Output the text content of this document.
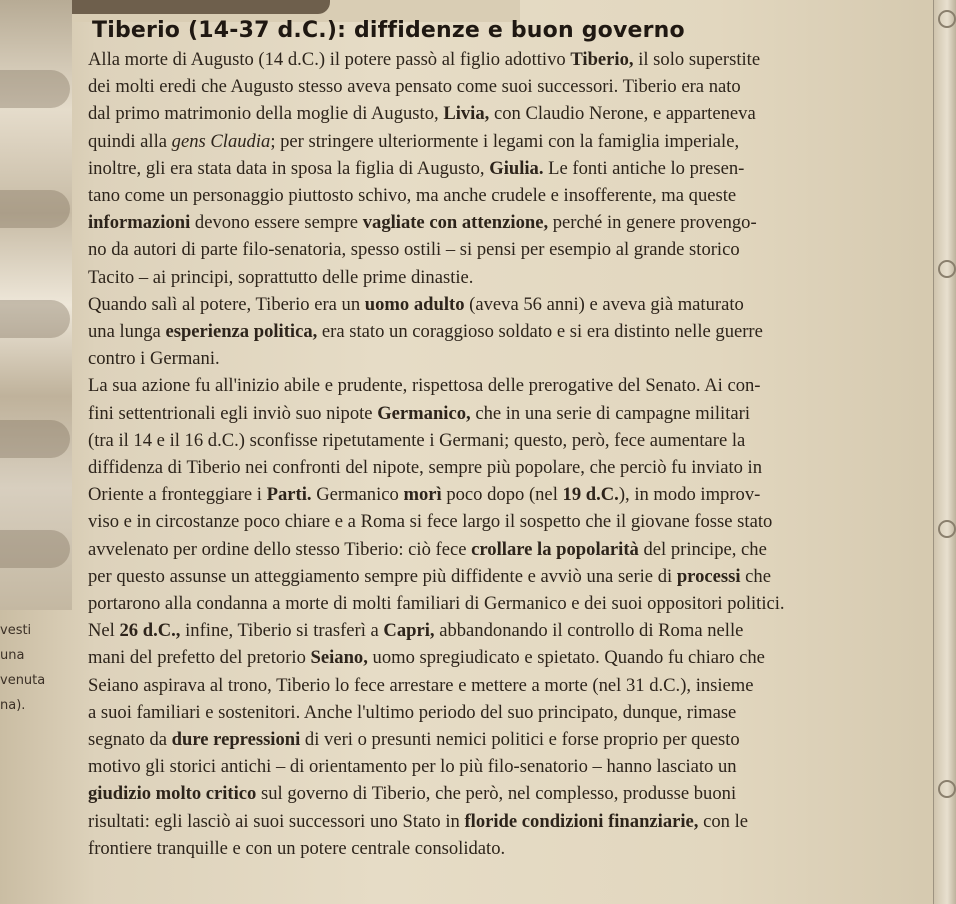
Tiberio (14-37 d.C.): diffidenze e buon governo
vesti
una
venuta
na).
Alla morte di Augusto (14 d.C.) il potere passò al figlio adottivo Tiberio, il solo superstite
dei molti eredi che Augusto stesso aveva pensato come suoi successori. Tiberio era nato
dal primo matrimonio della moglie di Augusto, Livia, con Claudio Nerone, e apparteneva
quindi alla gens Claudia; per stringere ulteriormente i legami con la famiglia imperiale,
inoltre, gli era stata data in sposa la figlia di Augusto, Giulia. Le fonti antiche lo presen-
tano come un personaggio piuttosto schivo, ma anche crudele e insofferente, ma queste
informazioni devono essere sempre vagliate con attenzione, perché in genere provengo-
no da autori di parte filo-senatoria, spesso ostili – si pensi per esempio al grande storico
Tacito – ai principi, soprattutto delle prime dinastie.
Quando salì al potere, Tiberio era un uomo adulto (aveva 56 anni) e aveva già maturato
una lunga esperienza politica, era stato un coraggioso soldato e si era distinto nelle guerre
contro i Germani.
La sua azione fu all'inizio abile e prudente, rispettosa delle prerogative del Senato. Ai con-
fini settentrionali egli inviò suo nipote Germanico, che in una serie di campagne militari
(tra il 14 e il 16 d.C.) sconfisse ripetutamente i Germani; questo, però, fece aumentare la
diffidenza di Tiberio nei confronti del nipote, sempre più popolare, che perciò fu inviato in
Oriente a fronteggiare i Parti. Germanico morì poco dopo (nel 19 d.C.), in modo improv-
viso e in circostanze poco chiare e a Roma si fece largo il sospetto che il giovane fosse stato
avvelenato per ordine dello stesso Tiberio: ciò fece crollare la popolarità del principe, che
per questo assunse un atteggiamento sempre più diffidente e avviò una serie di processi che
portarono alla condanna a morte di molti familiari di Germanico e dei suoi oppositori politici.
Nel 26 d.C., infine, Tiberio si trasferì a Capri, abbandonando il controllo di Roma nelle
mani del prefetto del pretorio Seiano, uomo spregiudicato e spietato. Quando fu chiaro che
Seiano aspirava al trono, Tiberio lo fece arrestare e mettere a morte (nel 31 d.C.), insieme
a suoi familiari e sostenitori. Anche l'ultimo periodo del suo principato, dunque, rimase
segnato da dure repressioni di veri o presunti nemici politici e forse proprio per questo
motivo gli storici antichi – di orientamento per lo più filo-senatorio – hanno lasciato un
giudizio molto critico sul governo di Tiberio, che però, nel complesso, produsse buoni
risultati: egli lasciò ai suoi successori uno Stato in floride condizioni finanziarie, con le
frontiere tranquille e con un potere centrale consolidato.
